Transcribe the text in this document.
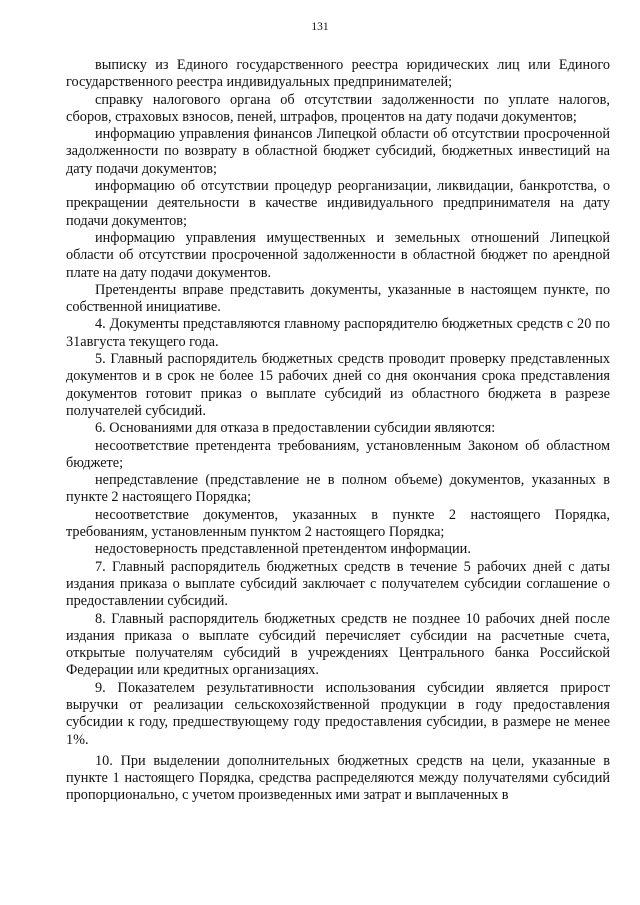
131

выписку из Единого государственного реестра юридических лиц или Единого государственного реестра индивидуальных предпринимателей;

справку налогового органа об отсутствии задолженности по уплате налогов, сборов, страховых взносов, пеней, штрафов, процентов на дату подачи документов;

информацию управления финансов Липецкой области об отсутствии просроченной задолженности по возврату в областной бюджет субсидий, бюджетных инвестиций на дату подачи документов;

информацию об отсутствии процедур реорганизации, ликвидации, банкротства, о прекращении деятельности в качестве индивидуального предпринимателя на дату подачи документов;

информацию управления имущественных и земельных отношений Липецкой области об отсутствии просроченной задолженности в областной бюджет по арендной плате на дату подачи документов.

Претенденты вправе представить документы, указанные в настоящем пункте, по собственной инициативе.

4. Документы представляются главному распорядителю бюджетных средств с 20 по 31августа текущего года.

5. Главный распорядитель бюджетных средств проводит проверку представленных документов и в срок не более 15 рабочих дней со дня окончания срока представления документов готовит приказ о выплате субсидий из областного бюджета в разрезе получателей субсидий.

6. Основаниями для отказа в предоставлении субсидии являются:

несоответствие претендента требованиям, установленным Законом об областном бюджете;

непредставление (представление не в полном объеме) документов, указанных в пункте 2 настоящего Порядка;

несоответствие документов, указанных в пункте 2 настоящего Порядка, требованиям, установленным пунктом 2 настоящего Порядка;

недостоверность представленной претендентом информации.

7. Главный распорядитель бюджетных средств в течение 5 рабочих дней с даты издания приказа о выплате субсидий заключает с получателем субсидии соглашение о предоставлении субсидий.

8. Главный распорядитель бюджетных средств не позднее 10 рабочих дней после издания приказа о выплате субсидий перечисляет субсидии на расчетные счета, открытые получателям субсидий в учреждениях Центрального банка Российской Федерации или кредитных организациях.

9. Показателем результативности использования субсидии является прирост выручки от реализации сельскохозяйственной продукции в году предоставления субсидии к году, предшествующему году предоставления субсидии, в размере не менее 1%.

10. При выделении дополнительных бюджетных средств на цели, указанные в пункте 1 настоящего Порядка, средства распределяются между получателями субсидий пропорционально, с учетом произведенных ими затрат и выплаченных в
